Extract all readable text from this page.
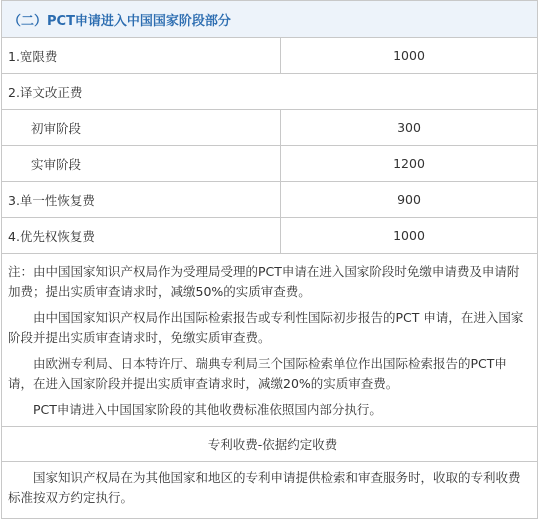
（二）PCT申请进入中国国家阶段部分	
1.宽限费	1000
2.译文改正费	
初审阶段	300
实审阶段	1200
3.单一性恢复费	900
4.优先权恢复费	1000

注：由中国国家知识产权局作为受理局受理的PCT申请在进入国家阶段时免缴申请费及申请附加费；提出实质审查请求时，减缴50%的实质审查费。

由中国国家知识产权局作出国际检索报告或专利性国际初步报告的PCT 申请，在进入国家阶段并提出实质审查请求时，免缴实质审查费。

由欧洲专利局、日本特许厅、瑞典专利局三个国际检索单位作出国际检索报告的PCT申请，在进入国家阶段并提出实质审查请求时，减缴20%的实质审查费。

PCT申请进入中国国家阶段的其他收费标准依照国内部分执行。	

专利收费-依据约定收费	
国家知识产权局在为其他国家和地区的专利申请提供检索和审查服务时，收取的专利收费标准按双方约定执行。	
